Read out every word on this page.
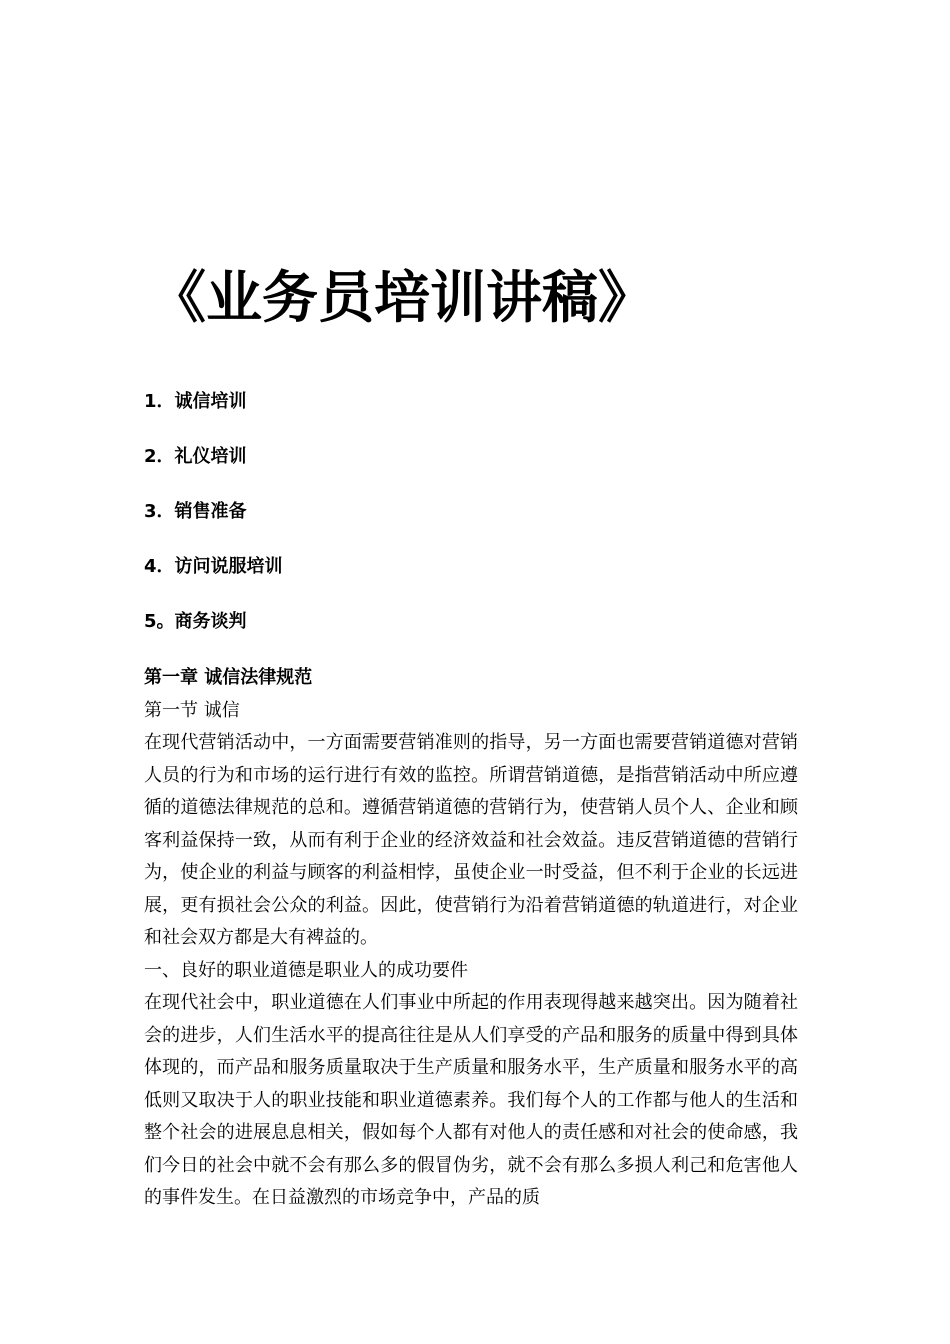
《业务员培训讲稿》
1．诚信培训
2．礼仪培训
3．销售准备
4．访问说服培训
5。商务谈判
第一章 诚信法律规范
第一节 诚信

在现代营销活动中，一方面需要营销准则的指导，另一方面也需要营销道德对营销人员的行为和市场的运行进行有效的监控。所谓营销道德，是指营销活动中所应遵循的道德法律规范的总和。遵循营销道德的营销行为，使营销人员个人、企业和顾客利益保持一致，从而有利于企业的经济效益和社会效益。违反营销道德的营销行为，使企业的利益与顾客的利益相悖，虽使企业一时受益，但不利于企业的长远进展，更有损社会公众的利益。因此，使营销行为沿着营销道德的轨道进行，对企业和社会双方都是大有裨益的。

一、良好的职业道德是职业人的成功要件

在现代社会中，职业道德在人们事业中所起的作用表现得越来越突出。因为随着社会的进步，人们生活水平的提高往往是从人们享受的产品和服务的质量中得到具体体现的，而产品和服务质量取决于生产质量和服务水平，生产质量和服务水平的高低则又取决于人的职业技能和职业道德素养。我们每个人的工作都与他人的生活和整个社会的进展息息相关，假如每个人都有对他人的责任感和对社会的使命感，我们今日的社会中就不会有那么多的假冒伪劣，就不会有那么多损人利己和危害他人的事件发生。在日益激烈的市场竞争中，产品的质
